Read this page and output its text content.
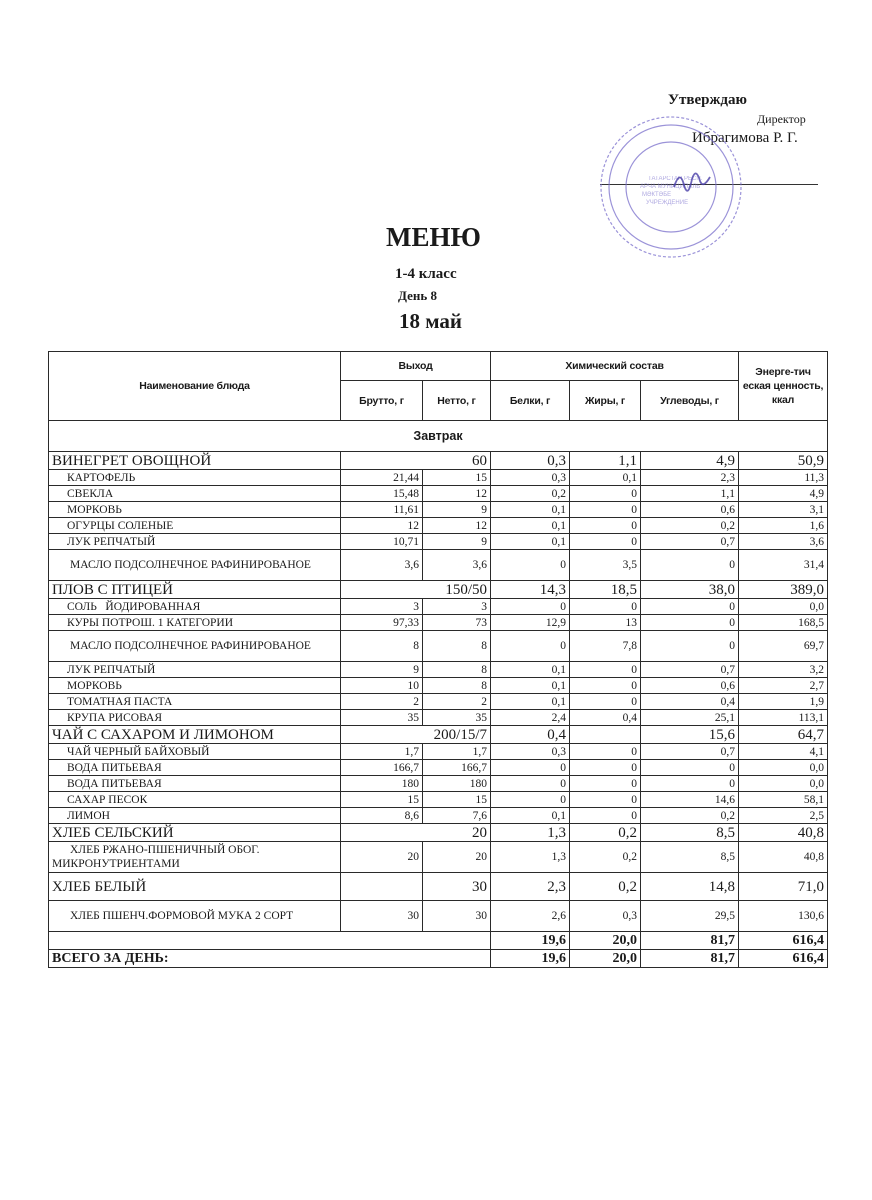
Утверждаю
Директор
Ибрагимова Р. Г.
ТАТАРСТАН РЕСП.
АРЧА МУНИЦИПАЛЬ
МӘКТӘБЕ
УЧРЕЖДЕНИЕ
МЕНЮ
1-4 класс
День 8
18 май
Наименование блюда	Выход		Химический состав			Энерге-тич еская ценность, ккал
	Брутто, г	Нетто, г	Белки, г	Жиры, г	Углеводы, г	
Завтрак						
ВИНЕГРЕТ ОВОЩНОЙ	60		0,3	1,1	4,9	50,9
КАРТОФЕЛЬ	21,44	15	0,3	0,1	2,3	11,3
СВЕКЛА	15,48	12	0,2	0	1,1	4,9
МОРКОВЬ	11,61	9	0,1	0	0,6	3,1
ОГУРЦЫ СОЛЕНЫЕ	12	12	0,1	0	0,2	1,6
ЛУК РЕПЧАТЫЙ	10,71	9	0,1	0	0,7	3,6
МАСЛО ПОДСОЛНЕЧНОЕ РАФИНИРОВАНОЕ	3,6	3,6	0	3,5	0	31,4
ПЛОВ С ПТИЦЕЙ	150/50		14,3	18,5	38,0	389,0
СОЛЬ   ЙОДИРОВАННАЯ	3	3	0	0	0	0,0
КУРЫ ПОТРОШ. 1 КАТЕГОРИИ	97,33	73	12,9	13	0	168,5
МАСЛО ПОДСОЛНЕЧНОЕ РАФИНИРОВАНОЕ	8	8	0	7,8	0	69,7
ЛУК РЕПЧАТЫЙ	9	8	0,1	0	0,7	3,2
МОРКОВЬ	10	8	0,1	0	0,6	2,7
ТОМАТНАЯ ПАСТА	2	2	0,1	0	0,4	1,9
КРУПА РИСОВАЯ	35	35	2,4	0,4	25,1	113,1
ЧАЙ С САХАРОМ И ЛИМОНОМ	200/15/7		0,4		15,6	64,7
ЧАЙ ЧЕРНЫЙ БАЙХОВЫЙ	1,7	1,7	0,3	0	0,7	4,1
ВОДА ПИТЬЕВАЯ	166,7	166,7	0	0	0	0,0
ВОДА ПИТЬЕВАЯ	180	180	0	0	0	0,0
САХАР ПЕСОК	15	15	0	0	14,6	58,1
ЛИМОН	8,6	7,6	0,1	0	0,2	2,5
ХЛЕБ СЕЛЬСКИЙ	20		1,3	0,2	8,5	40,8
ХЛЕБ РЖАНО-ПШЕНИЧНЫЙ ОБОГ. МИКРОНУТРИЕНТАМИ	20	20	1,3	0,2	8,5	40,8
ХЛЕБ БЕЛЫЙ		30	2,3	0,2	14,8	71,0
ХЛЕБ ПШЕНЧ.ФОРМОВОЙ МУКА 2 СОРТ	30	30	2,6	0,3	29,5	130,6
			19,6	20,0	81,7	616,4
ВСЕГО ЗА ДЕНЬ:			19,6	20,0	81,7	616,4
